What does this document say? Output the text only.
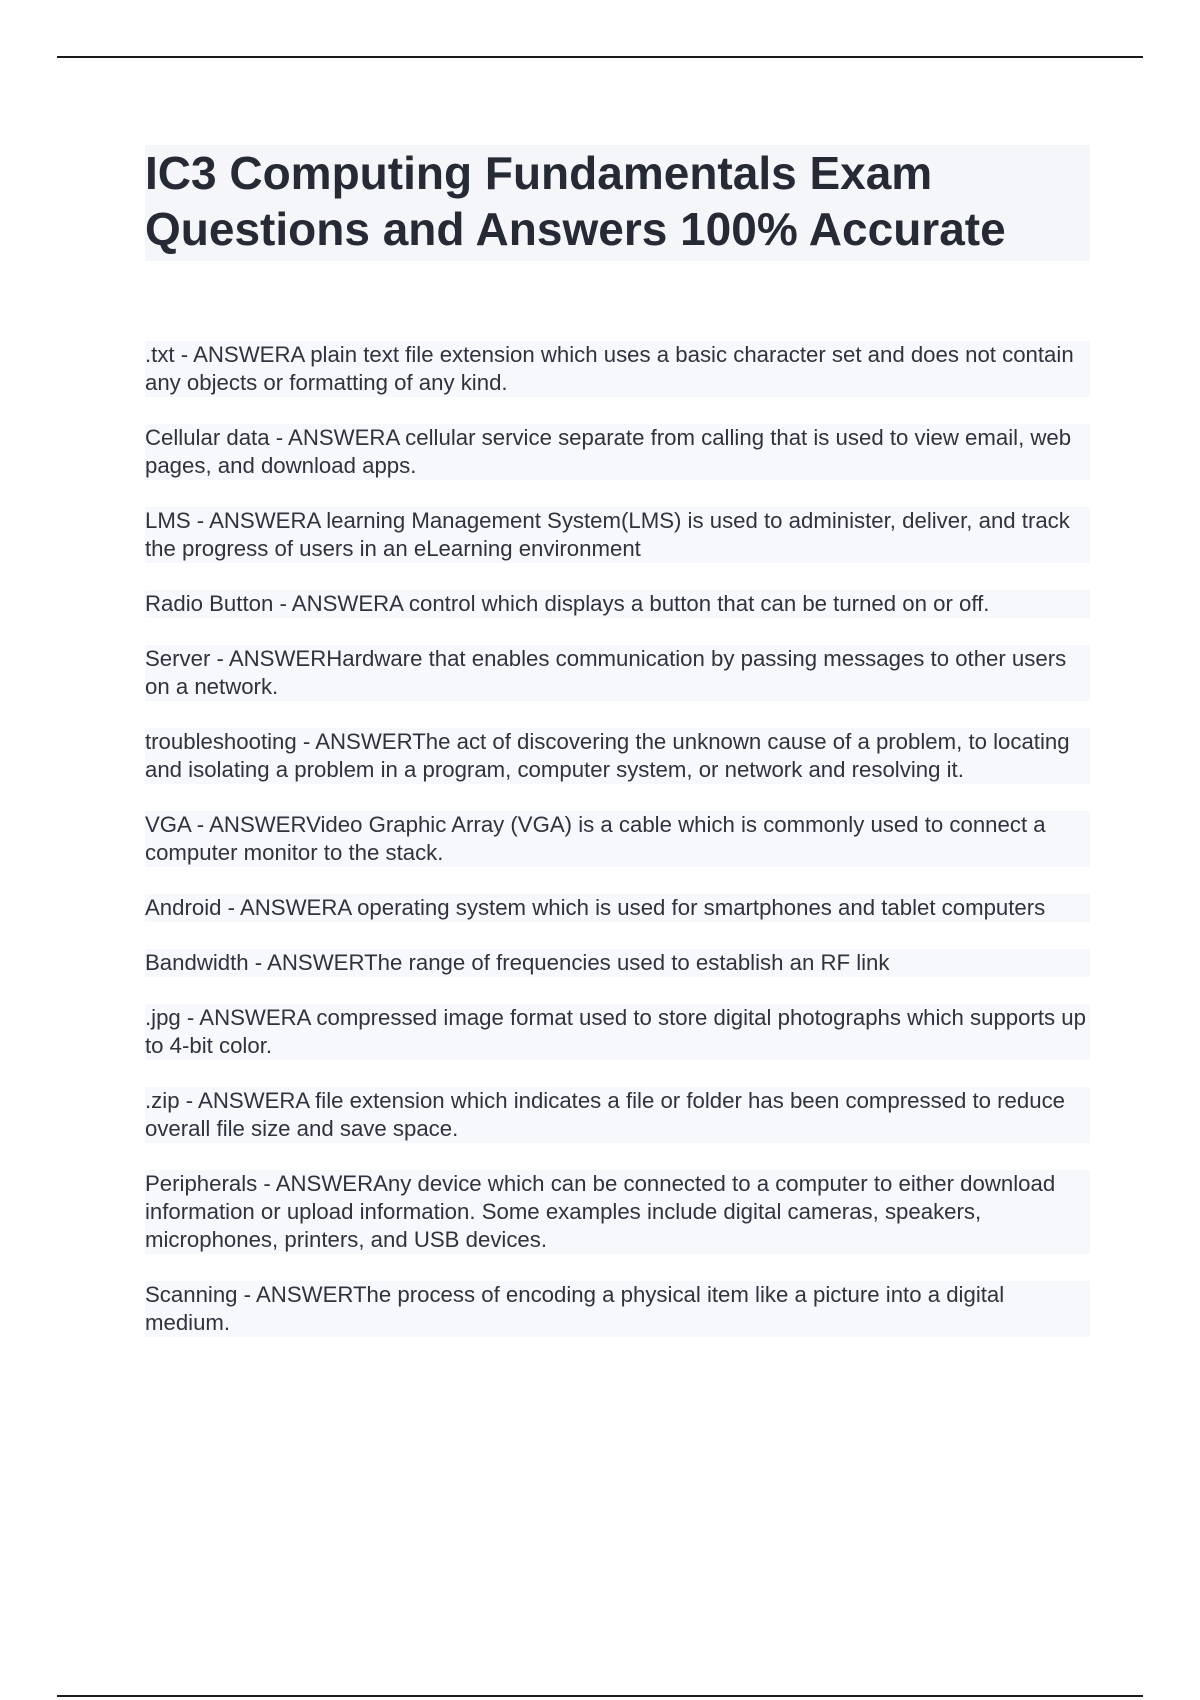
IC3 Computing Fundamentals Exam Questions and Answers 100% Accurate
.txt - ANSWERA plain text file extension which uses a basic character set and does not contain any objects or formatting of any kind.
Cellular data - ANSWERA cellular service separate from calling that is used to view email, web pages, and download apps.
LMS - ANSWERA learning Management System(LMS) is used to administer, deliver, and track the progress of users in an eLearning environment
Radio Button - ANSWERA control which displays a button that can be turned on or off.
Server - ANSWERHardware that enables communication by passing messages to other users on a network.
troubleshooting - ANSWERThe act of discovering the unknown cause of a problem, to locating and isolating a problem in a program, computer system, or network and resolving it.
VGA - ANSWERVideo Graphic Array (VGA) is a cable which is commonly used to connect a computer monitor to the stack.
Android - ANSWERA operating system which is used for smartphones and tablet computers
Bandwidth - ANSWERThe range of frequencies used to establish an RF link
.jpg - ANSWERA compressed image format used to store digital photographs which supports up to 4-bit color.
.zip - ANSWERA file extension which indicates a file or folder has been compressed to reduce overall file size and save space.
Peripherals - ANSWERAny device which can be connected to a computer to either download information or upload information. Some examples include digital cameras, speakers, microphones, printers, and USB devices.
Scanning - ANSWERThe process of encoding a physical item like a picture into a digital medium.
